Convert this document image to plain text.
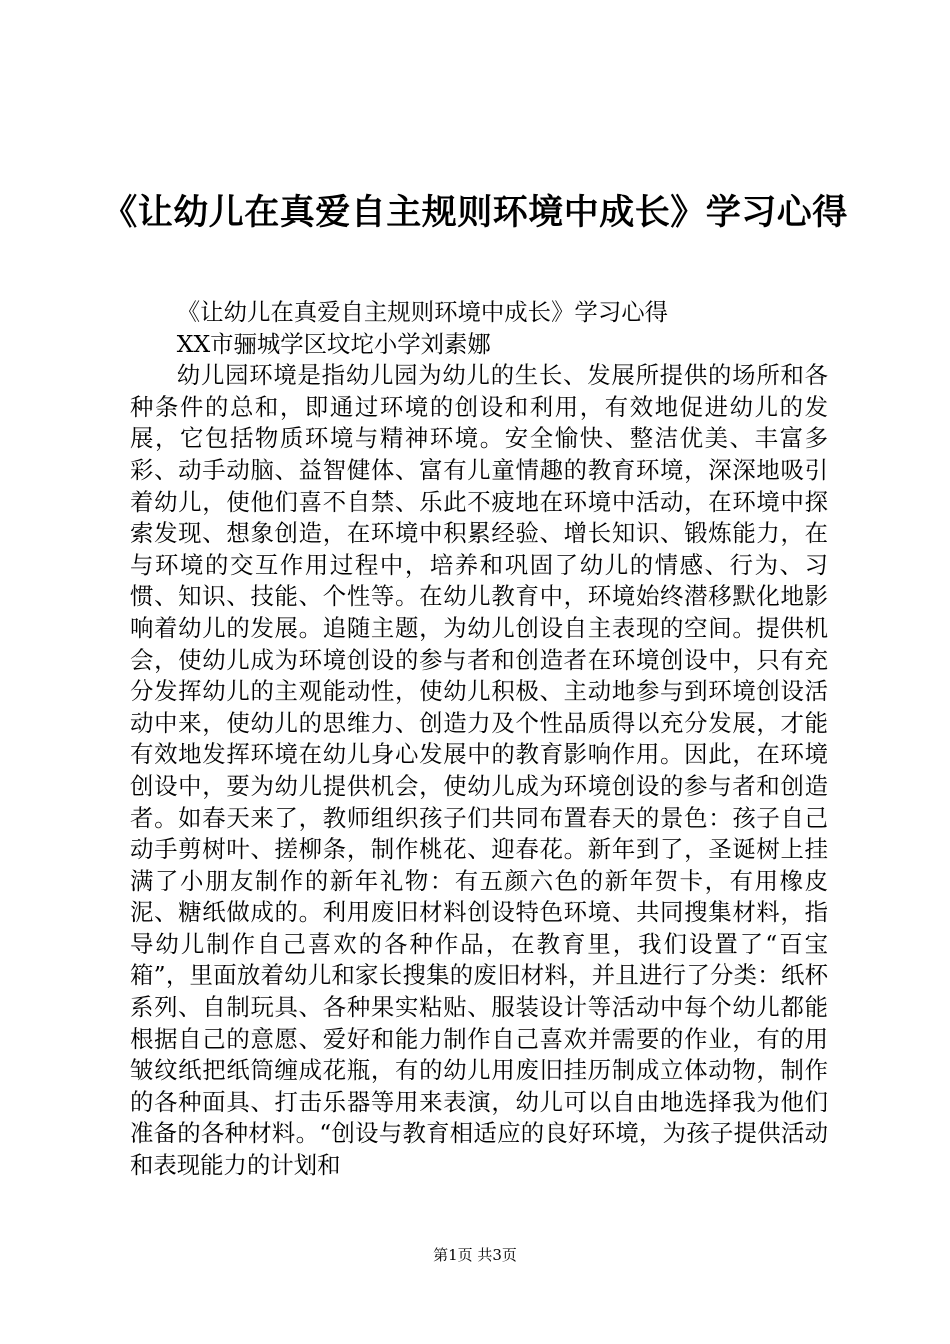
《让幼儿在真爱自主规则环境中成长》学习心得

《让幼儿在真爱自主规则环境中成长》学习心得

XX市骊城学区坟坨小学刘素娜

幼儿园环境是指幼儿园为幼儿的生长、发展所提供的场所和各种条件的总和，即通过环境的创设和利用，有效地促进幼儿的发展，它包括物质环境与精神环境。安全愉快、整洁优美、丰富多彩、动手动脑、益智健体、富有儿童情趣的教育环境，深深地吸引着幼儿，使他们喜不自禁、乐此不疲地在环境中活动，在环境中探索发现、想象创造，在环境中积累经验、增长知识、锻炼能力，在与环境的交互作用过程中，培养和巩固了幼儿的情感、行为、习惯、知识、技能、个性等。在幼儿教育中，环境始终潜移默化地影响着幼儿的发展。追随主题，为幼儿创设自主表现的空间。提供机会，使幼儿成为环境创设的参与者和创造者在环境创设中，只有充分发挥幼儿的主观能动性，使幼儿积极、主动地参与到环境创设活动中来，使幼儿的思维力、创造力及个性品质得以充分发展，才能有效地发挥环境在幼儿身心发展中的教育影响作用。因此，在环境创设中，要为幼儿提供机会，使幼儿成为环境创设的参与者和创造者。如春天来了，教师组织孩子们共同布置春天的景色：孩子自己动手剪树叶、搓柳条，制作桃花、迎春花。新年到了，圣诞树上挂满了小朋友制作的新年礼物：有五颜六色的新年贺卡，有用橡皮泥、糖纸做成的。利用废旧材料创设特色环境、共同搜集材料，指导幼儿制作自己喜欢的各种作品，在教育里，我们设置了“百宝箱”，里面放着幼儿和家长搜集的废旧材料，并且进行了分类：纸杯系列、自制玩具、各种果实粘贴、服装设计等活动中每个幼儿都能根据自己的意愿、爱好和能力制作自己喜欢并需要的作业，有的用皱纹纸把纸筒缠成花瓶，有的幼儿用废旧挂历制成立体动物，制作的各种面具、打击乐器等用来表演，幼儿可以自由地选择我为他们准备的各种材料。“创设与教育相适应的良好环境，为孩子提供活动和表现能力的计划和

第1页 共3页
